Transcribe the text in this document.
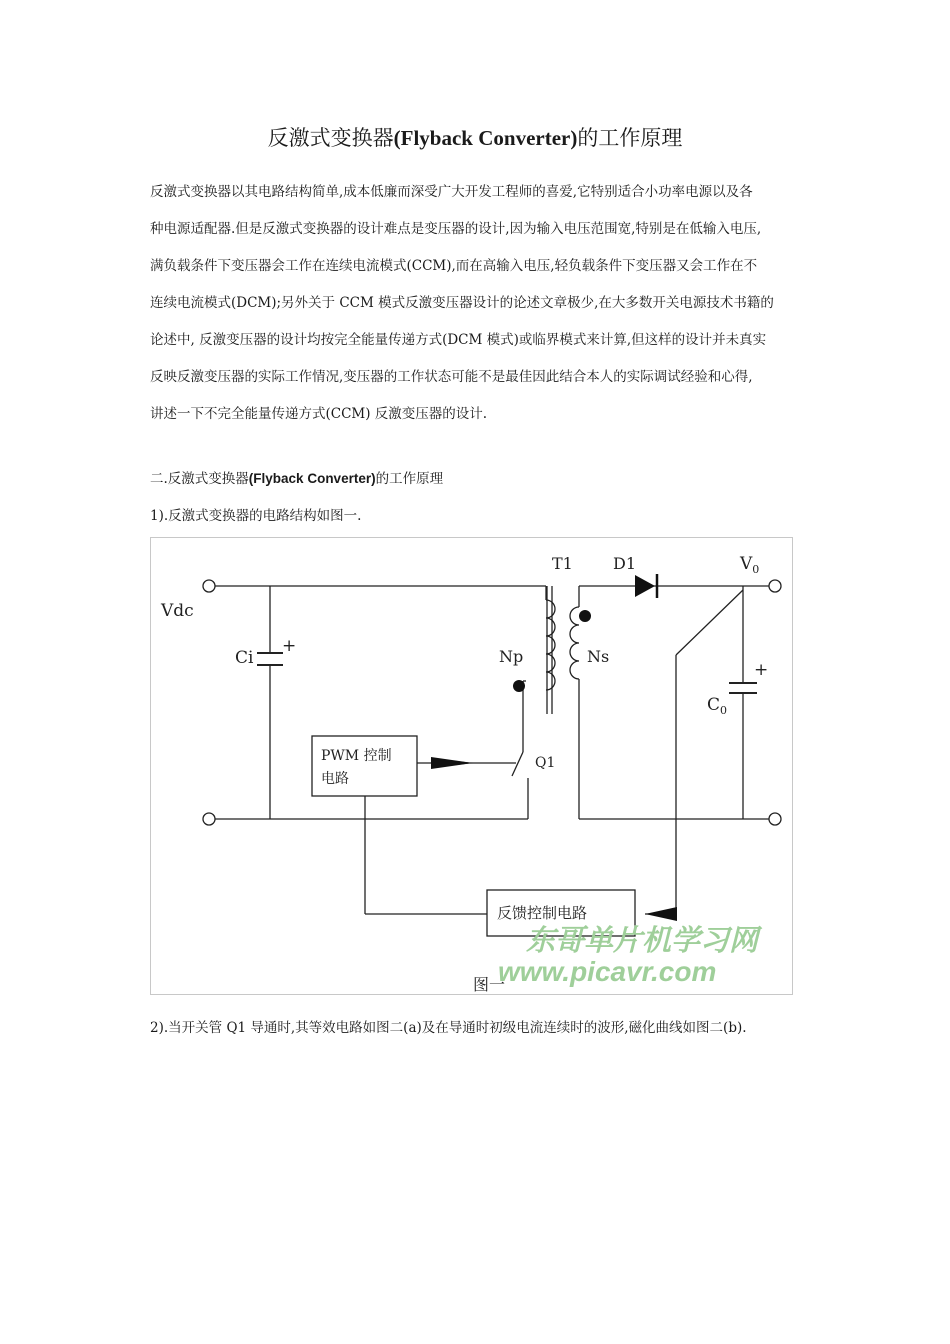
反激式变换器(Flyback Converter)的工作原理
反激式变换器以其电路结构简单,成本低廉而深受广大开发工程师的喜爱,它特别适合小功率电源以及各
种电源适配器.但是反激式变换器的设计难点是变压器的设计,因为输入电压范围宽,特别是在低输入电压,
满负载条件下变压器会工作在连续电流模式(CCM),而在高输入电压,轻负载条件下变压器又会工作在不
连续电流模式(DCM);另外关于 CCM 模式反激变压器设计的论述文章极少,在大多数开关电源技术书籍的
论述中, 反激变压器的设计均按完全能量传递方式(DCM 模式)或临界模式来计算,但这样的设计并未真实
反映反激变压器的实际工作情况,变压器的工作状态可能不是最佳因此结合本人的实际调试经验和心得,
讲述一下不完全能量传递方式(CCM) 反激变压器的设计.
二.反激式变换器(Flyback Converter)的工作原理
1).反激式变换器的电路结构如图一.
Vdc
Ci
+
T1	D1	$V_0$
Np	Ns
+
$C_0$
Q1
PWM 控制
电路
反馈控制电路
图一
东哥单片机学习网
www.picavr.com
2).当开关管 Q1 导通时,其等效电路如图二(a)及在导通时初级电流连续时的波形,磁化曲线如图二(b).
